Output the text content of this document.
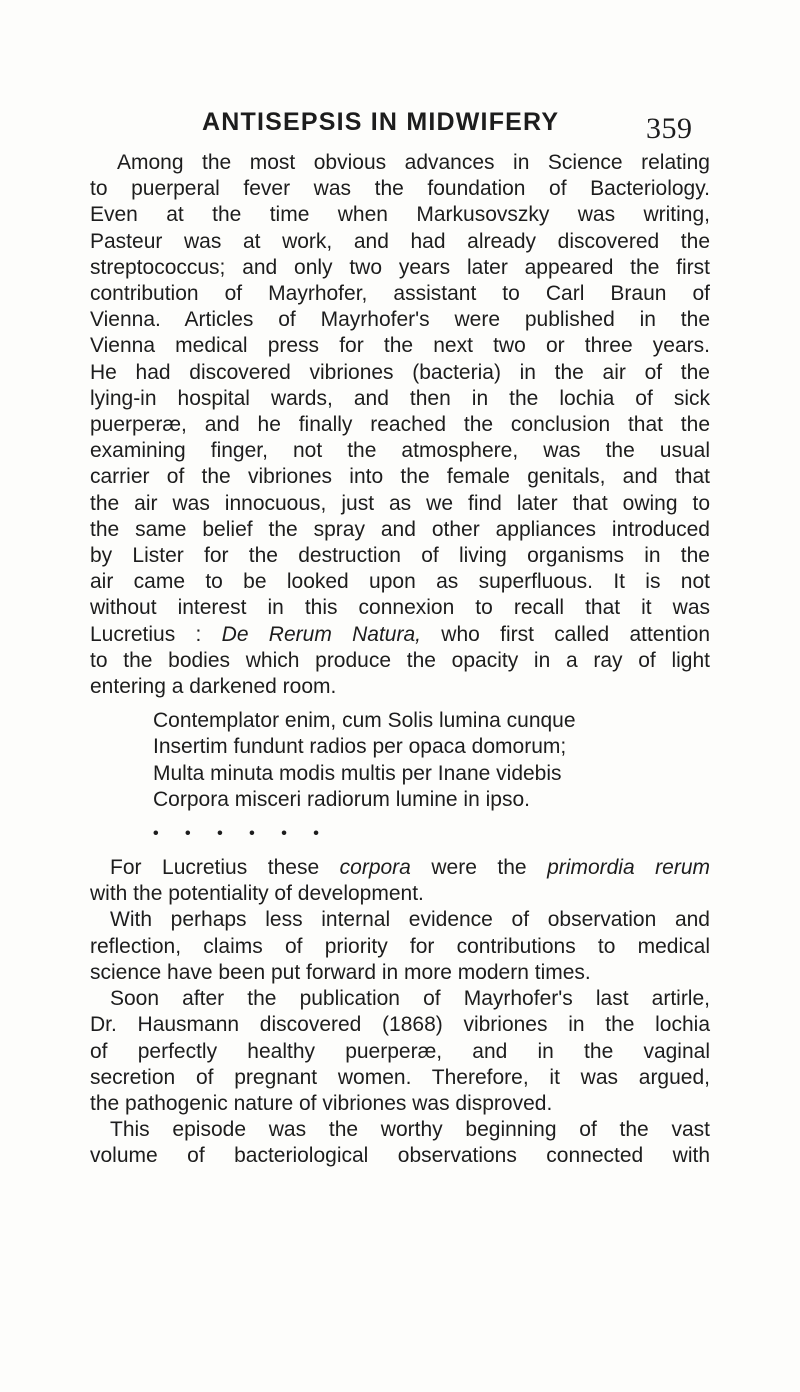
ANTISEPSIS IN MIDWIFERY	359

Among the most obvious advances in Science relating
to puerperal fever was the foundation of Bacteriology.
Even at the time when Markusovszky was writing,
Pasteur was at work, and had already discovered the
streptococcus; and only two years later appeared the first
contribution of Mayrhofer, assistant to Carl Braun of
Vienna. Articles of Mayrhofer's were published in the
Vienna medical press for the next two or three years.
He had discovered vibriones (bacteria) in the air of the
lying-in hospital wards, and then in the lochia of sick
puerperæ, and he finally reached the conclusion that the
examining finger, not the atmosphere, was the usual
carrier of the vibriones into the female genitals, and that
the air was innocuous, just as we find later that owing to
the same belief the spray and other appliances introduced
by Lister for the destruction of living organisms in the
air came to be looked upon as superfluous. It is not
without interest in this connexion to recall that it was
Lucretius : De Rerum Natura, who first called attention
to the bodies which produce the opacity in a ray of light
entering a darkened room.

Contemplator enim, cum Solis lumina cunque
Insertim fundunt radios per opaca domorum;
Multa minuta modis multis per Inane videbis
Corpora misceri radiorum lumine in ipso.
• • • • • •

For Lucretius these corpora were the primordia rerum
with the potentiality of development.

With perhaps less internal evidence of observation and
reflection, claims of priority for contributions to medical
science have been put forward in more modern times.

Soon after the publication of Mayrhofer's last artirle,
Dr. Hausmann discovered (1868) vibriones in the lochia
of perfectly healthy puerperæ, and in the vaginal
secretion of pregnant women. Therefore, it was argued,
the pathogenic nature of vibriones was disproved.

This episode was the worthy beginning of the vast
volume of bacteriological observations connected with
